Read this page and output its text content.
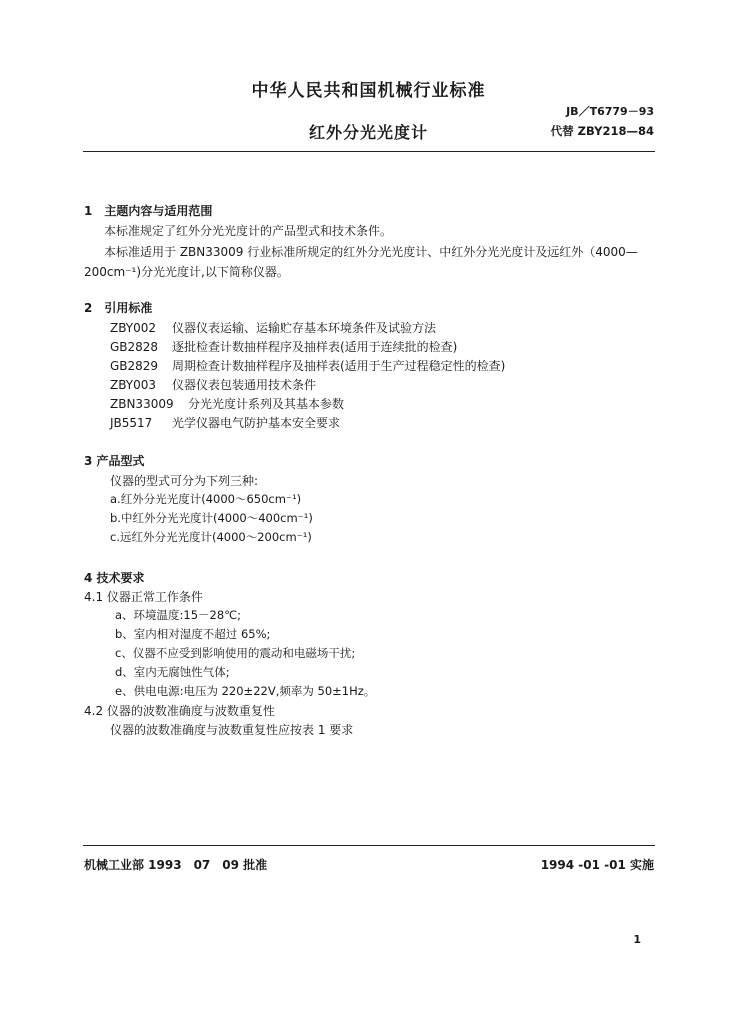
中华人民共和国机械行业标准
JB／T6779－93
红外分光光度计	代替 ZBY218—84
1　主题内容与适用范围
本标准规定了红外分光光度计的产品型式和技术条件。
本标准适用于 ZBN33009 行业标准所规定的红外分光光度计、中红外分光光度计及远红外（4000—
200cm⁻¹)分光光度计,以下简称仪器。
2　引用标准
ZBY002 仪器仪表运输、运输贮存基本环境条件及试验方法
GB2828 逐批检查计数抽样程序及抽样表(适用于连续批的检查)
GB2829 周期检查计数抽样程序及抽样表(适用于生产过程稳定性的检查)
ZBY003 仪器仪表包装通用技术条件
ZBN33009 分光光度计系列及其基本参数
JB5517 光学仪器电气防护基本安全要求
3 产品型式
仪器的型式可分为下列三种:
a.红外分光光度计(4000～650cm⁻¹)
b.中红外分光光度计(4000～400cm⁻¹)
c.远红外分光光度计(4000～200cm⁻¹)
4 技术要求
4.1 仪器正常工作条件
a、环境温度:15－28℃;
b、室内相对湿度不超过 65%;
c、仪器不应受到影响使用的震动和电磁场干扰;
d、室内无腐蚀性气体;
e、供电电源:电压为 220±22V,频率为 50±1Hz。
4.2 仪器的波数准确度与波数重复性
仪器的波数准确度与波数重复性应按表 1 要求
机械工业部 1993　07　09 批准	1994 -01 -01 实施
1
